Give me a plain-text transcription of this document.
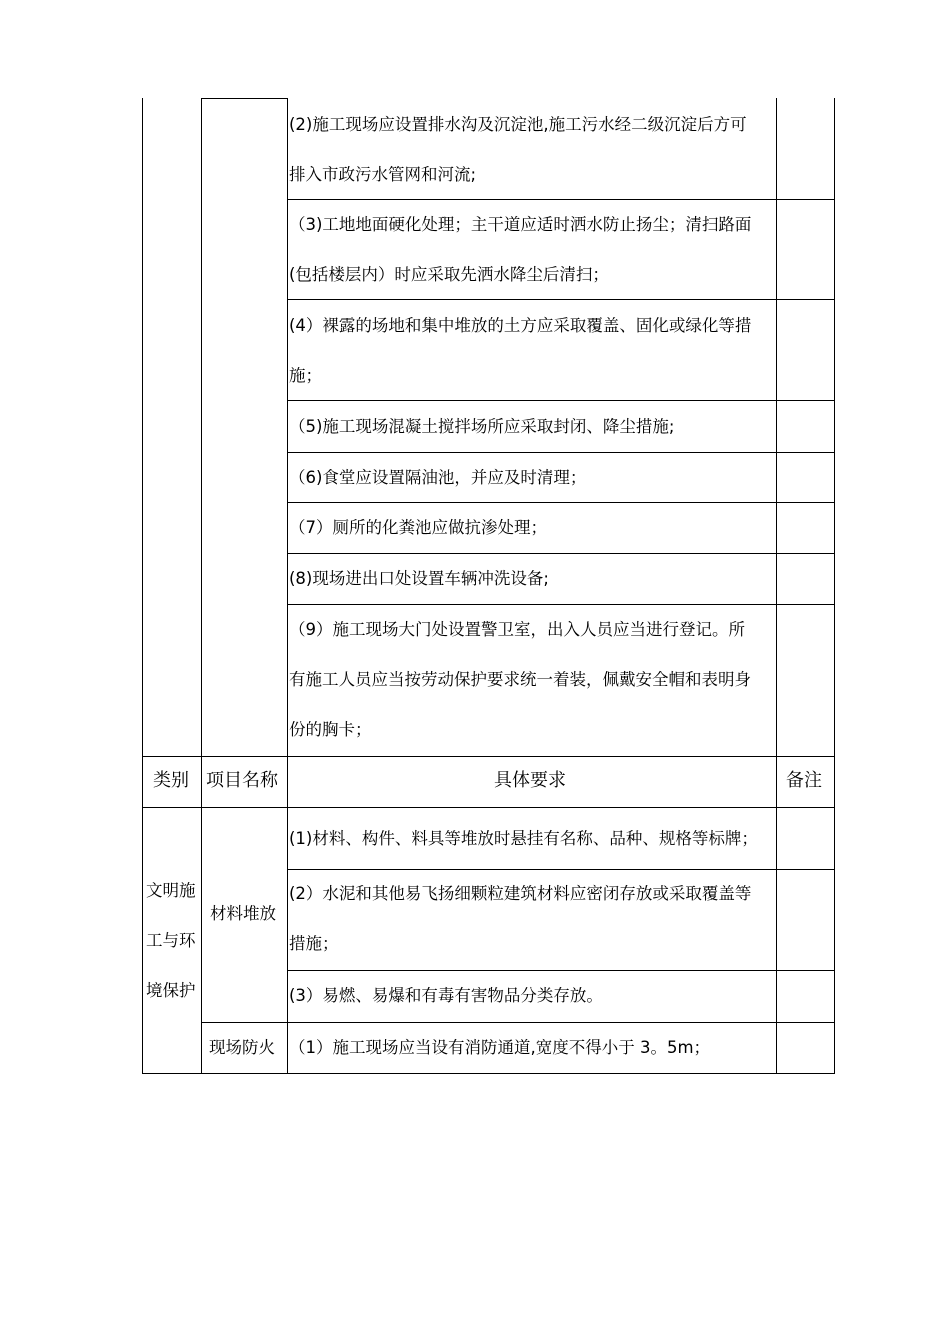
(2)施工现场应设置排水沟及沉淀池,施工污水经二级沉淀后方可
排入市政污水管网和河流;
（3)工地地面硬化处理；主干道应适时洒水防止扬尘；清扫路面
(包括楼层内）时应采取先洒水降尘后清扫；
(4）裸露的场地和集中堆放的土方应采取覆盖、固化或绿化等措
施；
（5)施工现场混凝土搅拌场所应采取封闭、降尘措施;
（6)食堂应设置隔油池，并应及时清理；
（7）厕所的化粪池应做抗渗处理；
(8)现场进出口处设置车辆冲洗设备;
（9）施工现场大门处设置警卫室，出入人员应当进行登记。所
有施工人员应当按劳动保护要求统一着装，佩戴安全帽和表明身
份的胸卡；
类别 项目名称	具体要求	备注
文明施
工与环
境保护
材料堆放
(1)材料、构件、料具等堆放时悬挂有名称、品种、规格等标牌；
(2）水泥和其他易飞扬细颗粒建筑材料应密闭存放或采取覆盖等
措施；
(3）易燃、易爆和有毒有害物品分类存放。
现场防火 （1）施工现场应当设有消防通道,宽度不得小于 3。5m；
